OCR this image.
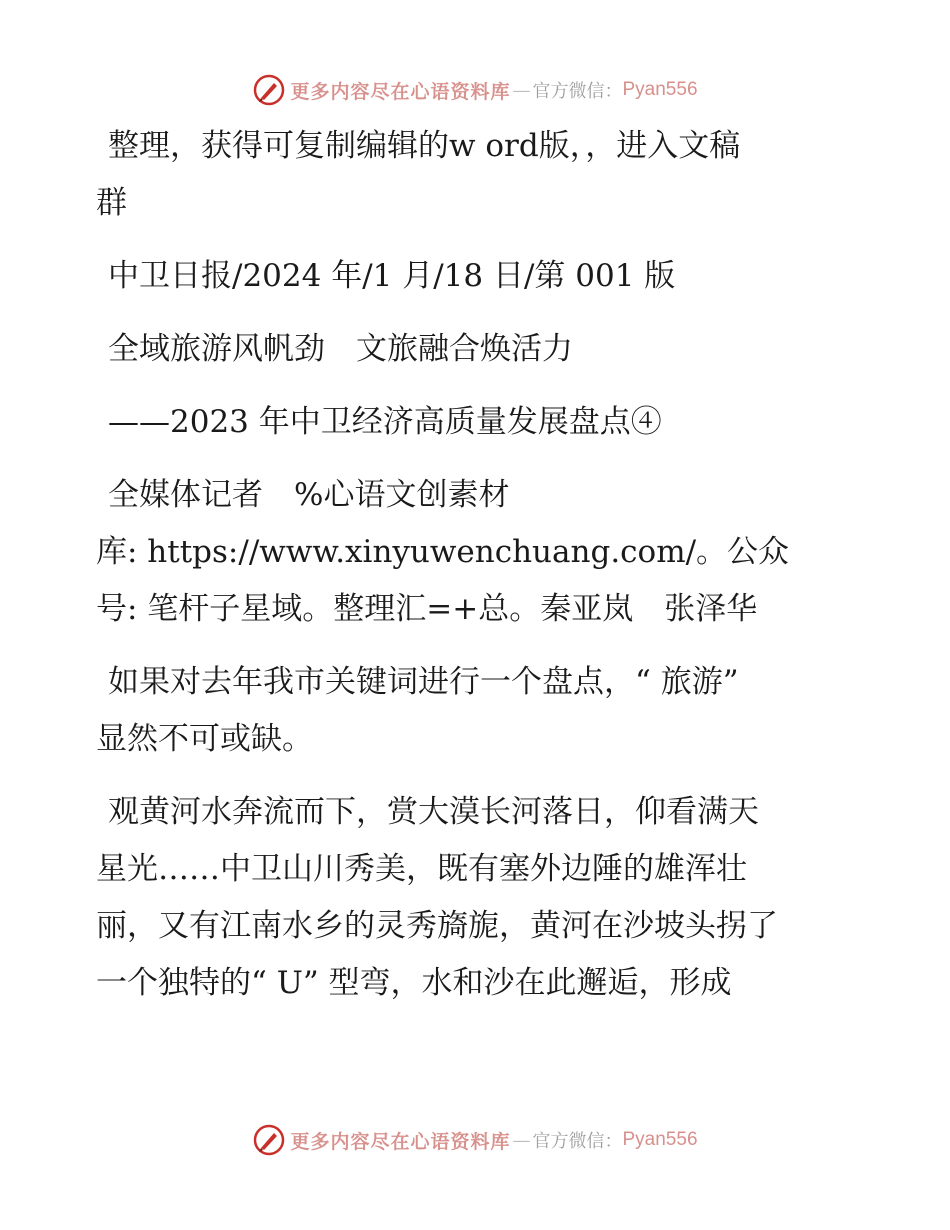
更多内容尽在心语资料库 — 官方微信： Pyan556

整理，获得可复制编辑的w ord版，，进入文稿
群

中卫日报/2024 年/1 月/18 日/第 001 版

全域旅游风帆劲　文旅融合焕活力

——2023 年中卫经济高质量发展盘点④

全媒体记者　%心语文创素材
库: https://www.xinyuwenchuang.com/。公众
号: 笔杆子星域。整理汇=+总。秦亚岚　张泽华

如果对去年我市关键词进行一个盘点，“ 旅游”
显然不可或缺。

观黄河水奔流而下，赏大漠长河落日，仰看满天
星光……中卫山川秀美，既有塞外边陲的雄浑壮
丽，又有江南水乡的灵秀旖旎，黄河在沙坡头拐了
一个独特的“ U” 型弯，水和沙在此邂逅，形成

更多内容尽在心语资料库 — 官方微信： Pyan556
